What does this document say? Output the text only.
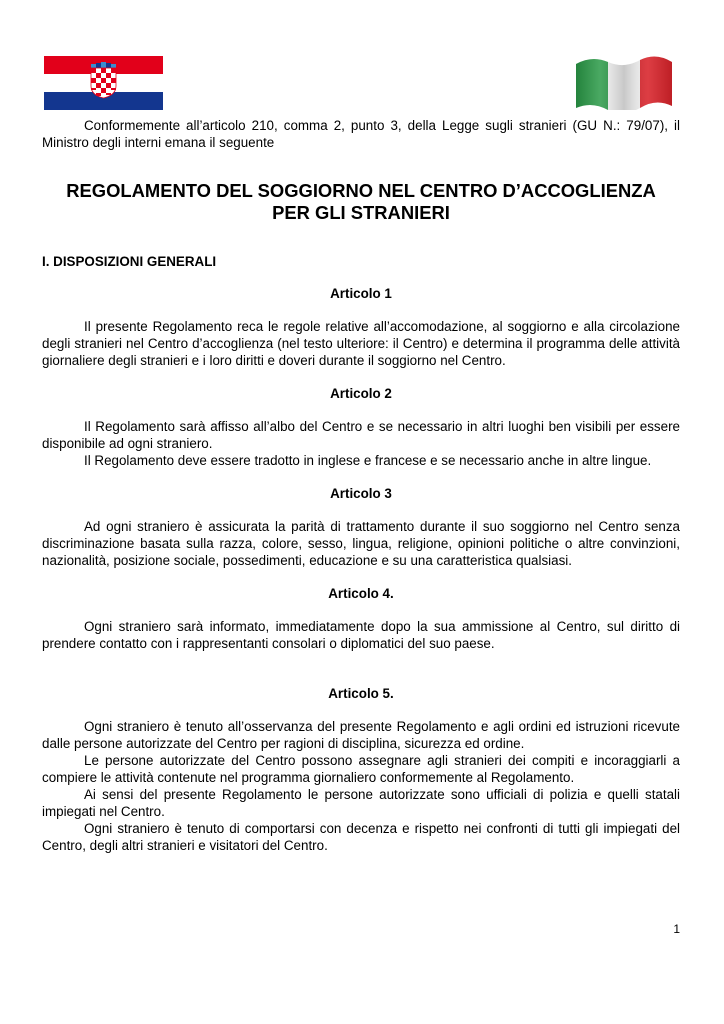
Conformemente all’articolo 210, comma 2, punto 3, della Legge sugli stranieri (GU N.: 79/07), il Ministro degli interni emana il seguente

REGOLAMENTO DEL SOGGIORNO NEL CENTRO D’ACCOGLIENZA
PER GLI STRANIERI
I. DISPOSIZIONI GENERALI
Articolo 1

Il presente Regolamento reca le regole relative all’accomodazione, al soggiorno e alla circolazione degli stranieri nel Centro d’accoglienza (nel testo ulteriore: il Centro) e determina il programma delle attività giornaliere degli stranieri e i loro diritti e doveri durante il soggiorno nel Centro.

Articolo 2

Il Regolamento sarà affisso all’albo del Centro e se necessario in altri luoghi ben visibili per essere disponibile ad ogni straniero.

Il Regolamento deve essere tradotto in inglese e francese e se necessario anche in altre lingue.

Articolo 3

Ad ogni straniero è assicurata la parità di trattamento durante il suo soggiorno nel Centro senza discriminazione basata sulla razza, colore, sesso, lingua, religione, opinioni politiche o altre convinzioni, nazionalità, posizione sociale, possedimenti, educazione e su una caratteristica qualsiasi.

Articolo 4.

Ogni straniero sarà informato, immediatamente dopo la sua ammissione al Centro, sul diritto di prendere contatto con i rappresentanti consolari o diplomatici del suo paese.

Articolo 5.

Ogni straniero è tenuto all’osservanza del presente Regolamento e agli ordini ed istruzioni ricevute dalle persone autorizzate del Centro per ragioni di disciplina, sicurezza ed ordine.

Le persone autorizzate del Centro possono assegnare agli stranieri dei compiti e incoraggiarli a compiere le attività contenute nel programma giornaliero conformemente al Regolamento.

Ai sensi del presente Regolamento le persone autorizzate sono ufficiali di polizia e quelli statali impiegati nel Centro.

Ogni straniero è tenuto di comportarsi con decenza e rispetto nei confronti di tutti gli impiegati del Centro, degli altri stranieri e visitatori del Centro.

1
